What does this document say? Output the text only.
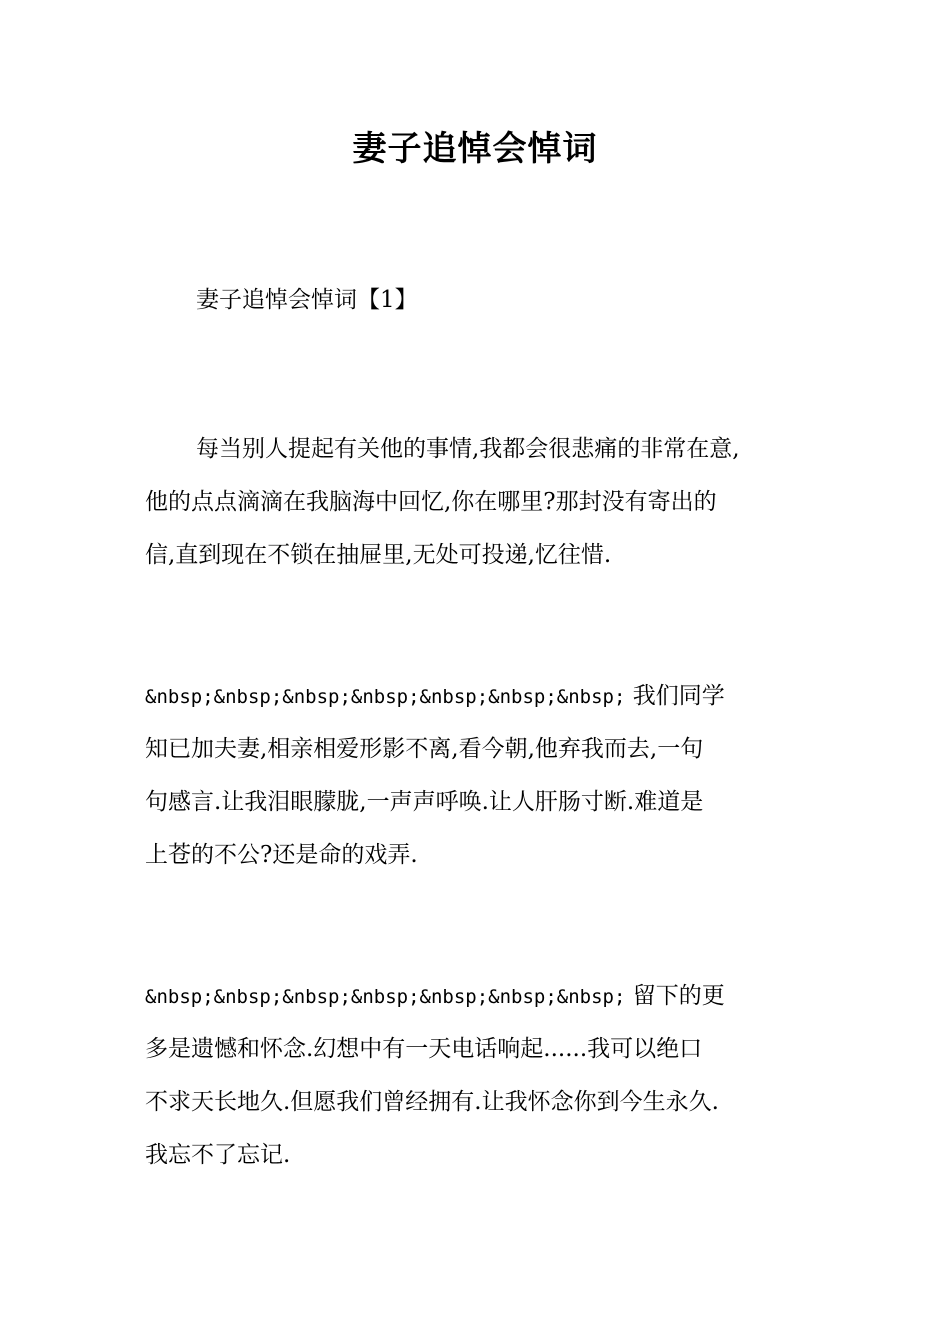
妻子追悼会悼词
妻子追悼会悼词【1】
每当别人提起有关他的事情,我都会很悲痛的非常在意,
他的点点滴滴在我脑海中回忆,你在哪里?那封没有寄出的
信,直到现在不锁在抽屉里,无处可投递,忆往惜.
&nbsp;&nbsp;&nbsp;&nbsp;&nbsp;&nbsp;&nbsp; 我们同学
知已加夫妻,相亲相爱形影不离,看今朝,他弃我而去,一句
句感言.让我泪眼朦胧,一声声呼唤.让人肝肠寸断.难道是
上苍的不公?还是命的戏弄.
&nbsp;&nbsp;&nbsp;&nbsp;&nbsp;&nbsp;&nbsp; 留下的更
多是遗憾和怀念.幻想中有一天电话响起......我可以绝口
不求天长地久.但愿我们曾经拥有.让我怀念你到今生永久.
我忘不了忘记.
